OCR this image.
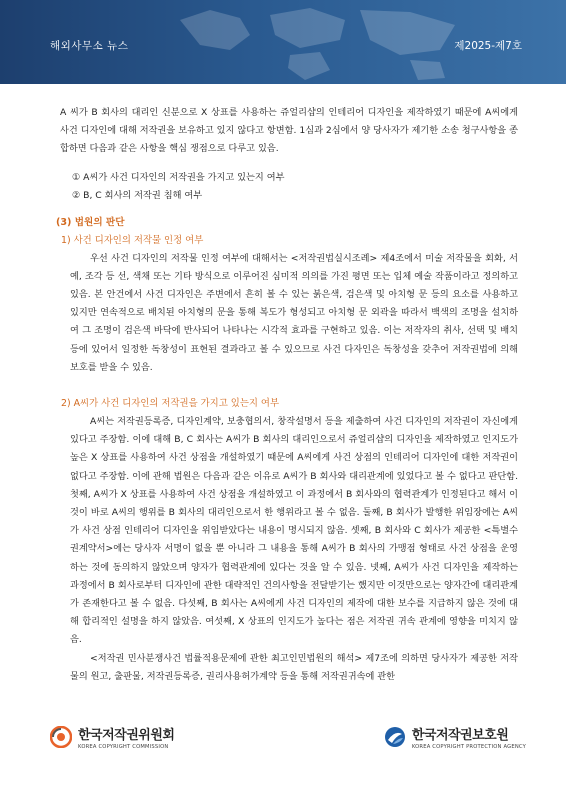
해외사무소 뉴스	제2025-제7호

A 씨가 B 회사의 대리인 신분으로 X 상표를 사용하는 쥬얼리샵의 인테리어 디자인을 제작하였기 때문에 A씨에게 사건 디자인에 대해 저작권을 보유하고 있지 않다고 항변함. 1심과 2심에서 양 당사자가 제기한 소송 청구사항을 종합하면 다음과 같은 사항을 핵심 쟁점으로 다루고 있음.

① A씨가 사건 디자인의 저작권을 가지고 있는지 여부
② B, C 회사의 저작권 침해 여부

(3) 법원의 판단

1) 사건 디자인의 저작물 인정 여부

우선 사건 디자인의 저작물 인정 여부에 대해서는 <저작권법실시조례> 제4조에서 미술 저작물을 회화, 서예, 조각 등 선, 색채 또는 기타 방식으로 이루어진 심미적 의의를 가진 평면 또는 입체 예술 작품이라고 정의하고 있음. 본 안건에서 사건 디자인은 주변에서 흔히 볼 수 있는 붉은색, 검은색 및 아치형 문 등의 요소를 사용하고 있지만 연속적으로 배치된 아치형의 문을 통해 복도가 형성되고 아치형 문 외곽을 따라서 백색의 조명을 설치하여 그 조명이 검은색 바닥에 반사되어 나타나는 시각적 효과를 구현하고 있음. 이는 저작자의 취사, 선택 및 배치 등에 있어서 일정한 독창성이 표현된 결과라고 볼 수 있으므로 사건 다자인은 독창성을 갖추어 저작권법에 의해 보호를 받을 수 있음.

2) A씨가 사건 디자인의 저작권을 가지고 있는지 여부

A씨는 저작권등록증, 디자인계약, 보충협의서, 창작설명서 등을 제출하여 사건 디자인의 저작권이 자신에게 있다고 주장함. 이에 대해 B, C 회사는 A씨가 B 회사의 대리인으로서 쥬얼리샵의 디자인을 제작하였고 인지도가 높은 X 상표를 사용하여 사건 상점을 개설하였기 때문에 A씨에게 사건 상점의 인테리어 디자인에 대한 저작권이 없다고 주장함. 이에 관해 법원은 다음과 같은 이유로 A씨가 B 회사와 대리관계에 있었다고 볼 수 없다고 판단함. 첫째, A씨가 X 상표를 사용하여 사건 상점을 개설하였고 이 과정에서 B 회사와의 협력관계가 인정된다고 해서 이것이 바로 A씨의 행위를 B 회사의 대리인으로서 한 행위라고 볼 수 없음. 둘째, B 회사가 발행한 위임장에는 A씨가 사건 상점 인테리어 디자인을 위임받았다는 내용이 명시되지 않음. 셋째, B 회사와 C 회사가 제공한 <특별수권계약서>에는 당사자 서명이 없을 뿐 아니라 그 내용을 통해 A씨가 B 회사의 가맹점 형태로 사건 상점을 운영하는 것에 동의하지 않았으며 양자가 협력관계에 있다는 것을 알 수 있음. 넷째, A씨가 사건 디자인을 제작하는 과정에서 B 회사로부터 디자인에 관한 대략적인 건의사항을 전달받기는 했지만 이것만으로는 양자간에 대리관계가 존재한다고 볼 수 없음. 다섯째, B 회사는 A씨에게 사건 디자인의 제작에 대한 보수를 지급하지 않은 것에 대해 합리적인 설명을 하지 않았음. 여섯째, X 상표의 인지도가 높다는 점은 저작권 귀속 관계에 영향을 미치지 않음.

<저작권 민사분쟁사건 법률적용문제에 관한 최고인민법원의 해석> 제7조에 의하면 당사자가 제공한 저작물의 원고, 출판물, 저작권등록증, 권리사용허가계약 등을 통해 저작권귀속에 관한

한국저작권위원회
KOREA COPYRIGHT COMMISSION
한국저작권보호원
KOREA COPYRIGHT PROTECTION AGENCY
